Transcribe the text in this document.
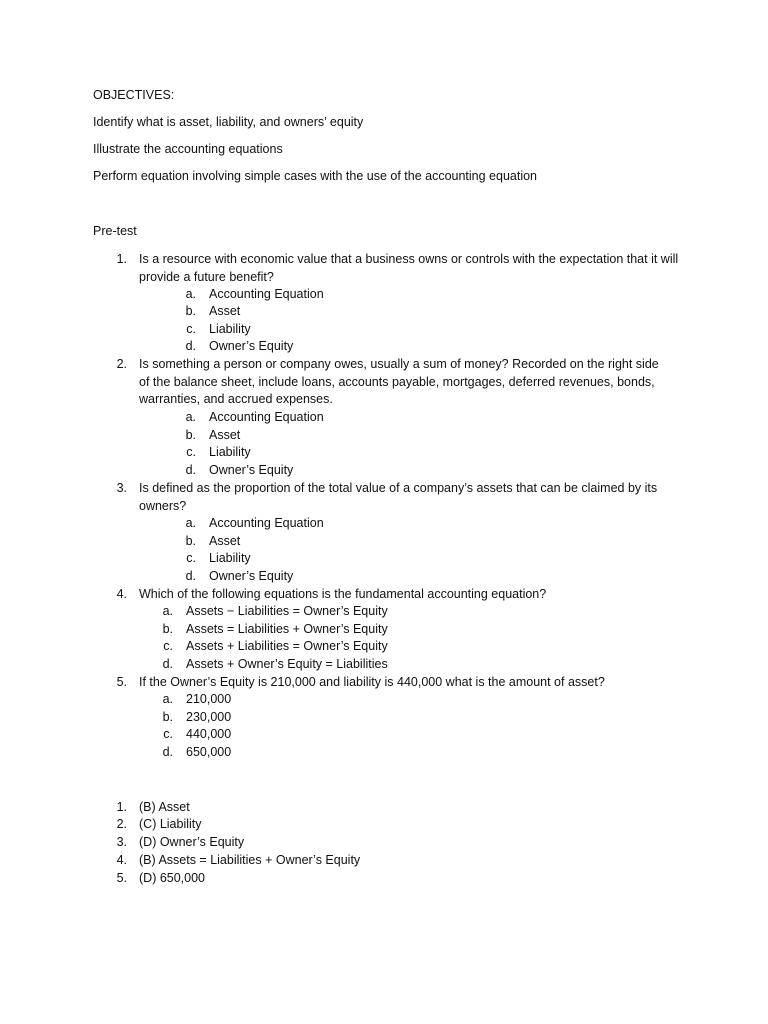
OBJECTIVES:
Identify what is asset, liability, and owners’ equity
Illustrate the accounting equations
Perform equation involving simple cases with the use of the accounting equation
Pre-test
1. Is a resource with economic value that a business owns or controls with the expectation that it will provide a future benefit?
a. Accounting Equation
b. Asset
c. Liability
d. Owner’s Equity
2. Is something a person or company owes, usually a sum of money? Recorded on the right side of the balance sheet, include loans, accounts payable, mortgages, deferred revenues, bonds, warranties, and accrued expenses.
a. Accounting Equation
b. Asset
c. Liability
d. Owner’s Equity
3. Is defined as the proportion of the total value of a company’s assets that can be claimed by its owners?
a. Accounting Equation
b. Asset
c. Liability
d. Owner’s Equity
4. Which of the following equations is the fundamental accounting equation?
a. Assets − Liabilities = Owner’s Equity
b. Assets = Liabilities + Owner’s Equity
c. Assets + Liabilities = Owner’s Equity
d. Assets + Owner’s Equity = Liabilities
5. If the Owner’s Equity is 210,000 and liability is 440,000 what is the amount of asset?
a. 210,000
b. 230,000
c. 440,000
d. 650,000
1. (B) Asset
2. (C) Liability
3. (D) Owner’s Equity
4. (B) Assets = Liabilities + Owner’s Equity
5. (D) 650,000
